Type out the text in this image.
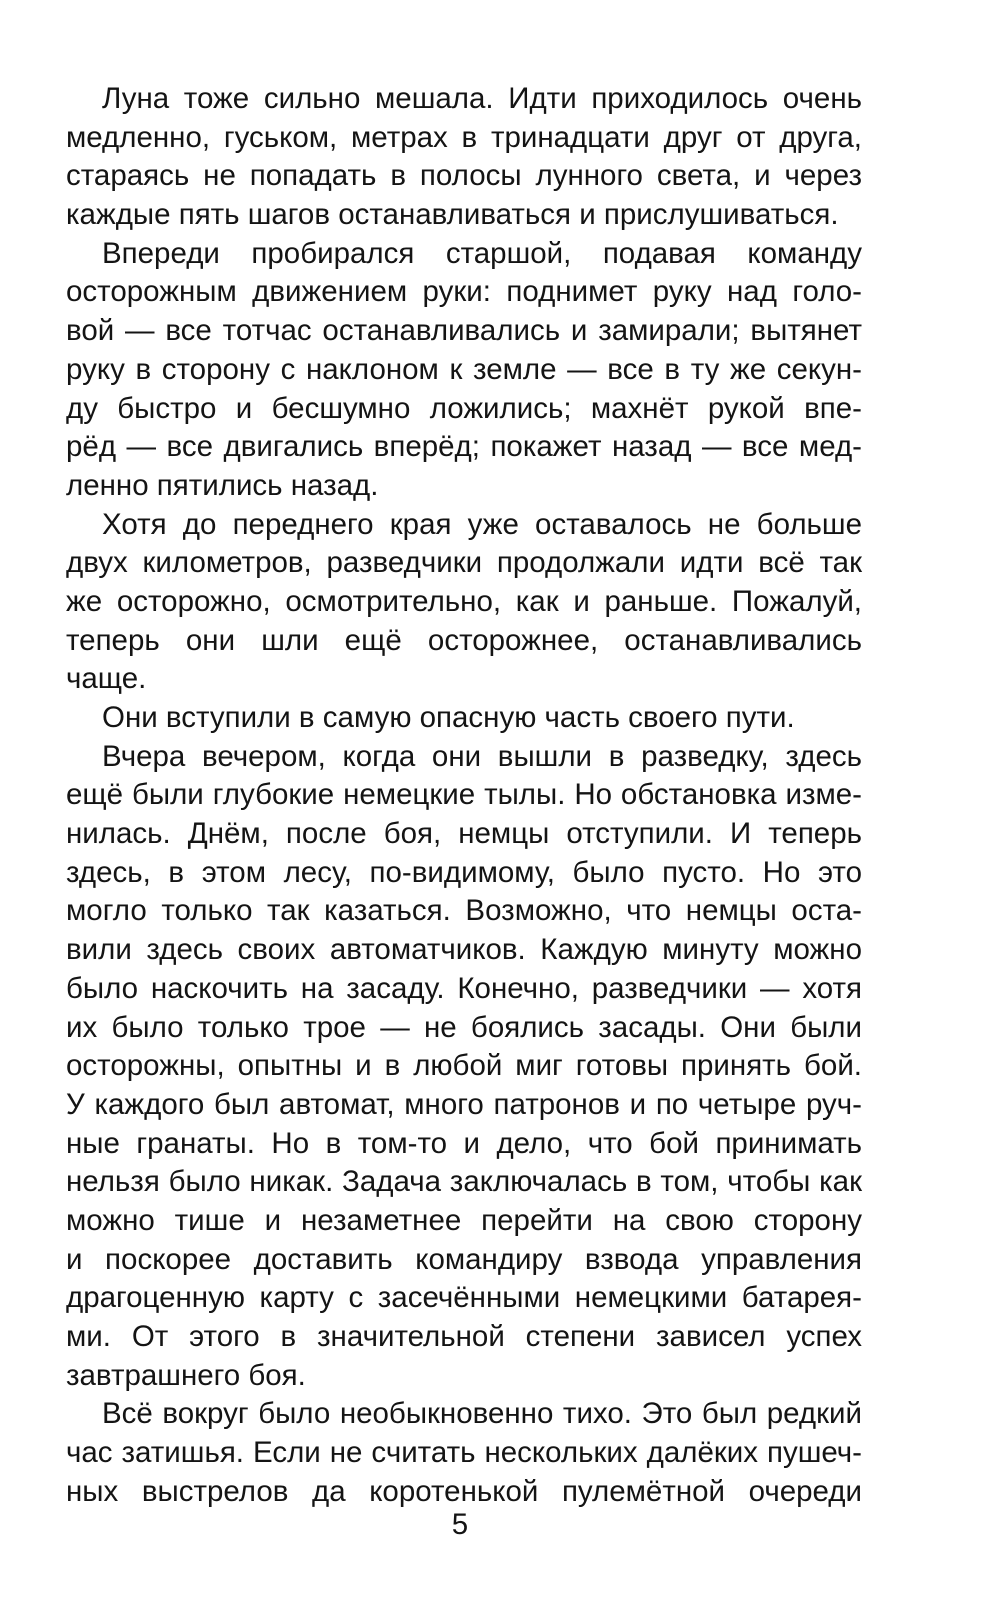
Луна тоже сильно мешала. Идти приходилось очень
медленно, гуськом, метрах в тринадцати друг от друга,
стараясь не попадать в полосы лунного света, и через
каждые пять шагов останавливаться и прислушиваться.
Впереди пробирался старшой, подавая команду
осторожным движением руки: поднимет руку над голо-
вой — все тотчас останавливались и замирали; вытянет
руку в сторону с наклоном к земле — все в ту же секун-
ду быстро и бесшумно ложились; махнёт рукой впе-
рёд — все двигались вперёд; покажет назад — все мед-
ленно пятились назад.
Хотя до переднего края уже оставалось не больше
двух километров, разведчики продолжали идти всё так
же осторожно, осмотрительно, как и раньше. Пожалуй,
теперь они шли ещё осторожнее, останавливались
чаще.
Они вступили в самую опасную часть своего пути.
Вчера вечером, когда они вышли в разведку, здесь
ещё были глубокие немецкие тылы. Но обстановка изме-
нилась. Днём, после боя, немцы отступили. И теперь
здесь, в этом лесу, по-видимому, было пусто. Но это
могло только так казаться. Возможно, что немцы оста-
вили здесь своих автоматчиков. Каждую минуту можно
было наскочить на засаду. Конечно, разведчики — хотя
их было только трое — не боялись засады. Они были
осторожны, опытны и в любой миг готовы принять бой.
У каждого был автомат, много патронов и по четыре руч-
ные гранаты. Но в том-то и дело, что бой принимать
нельзя было никак. Задача заключалась в том, чтобы как
можно тише и незаметнее перейти на свою сторону
и поскорее доставить командиру взвода управления
драгоценную карту с засечёнными немецкими батарея-
ми. От этого в значительной степени зависел успех
завтрашнего боя.
Всё вокруг было необыкновенно тихо. Это был редкий
час затишья. Если не считать нескольких далёких пушеч-
ных выстрелов да коротенькой пулемётной очереди
5
